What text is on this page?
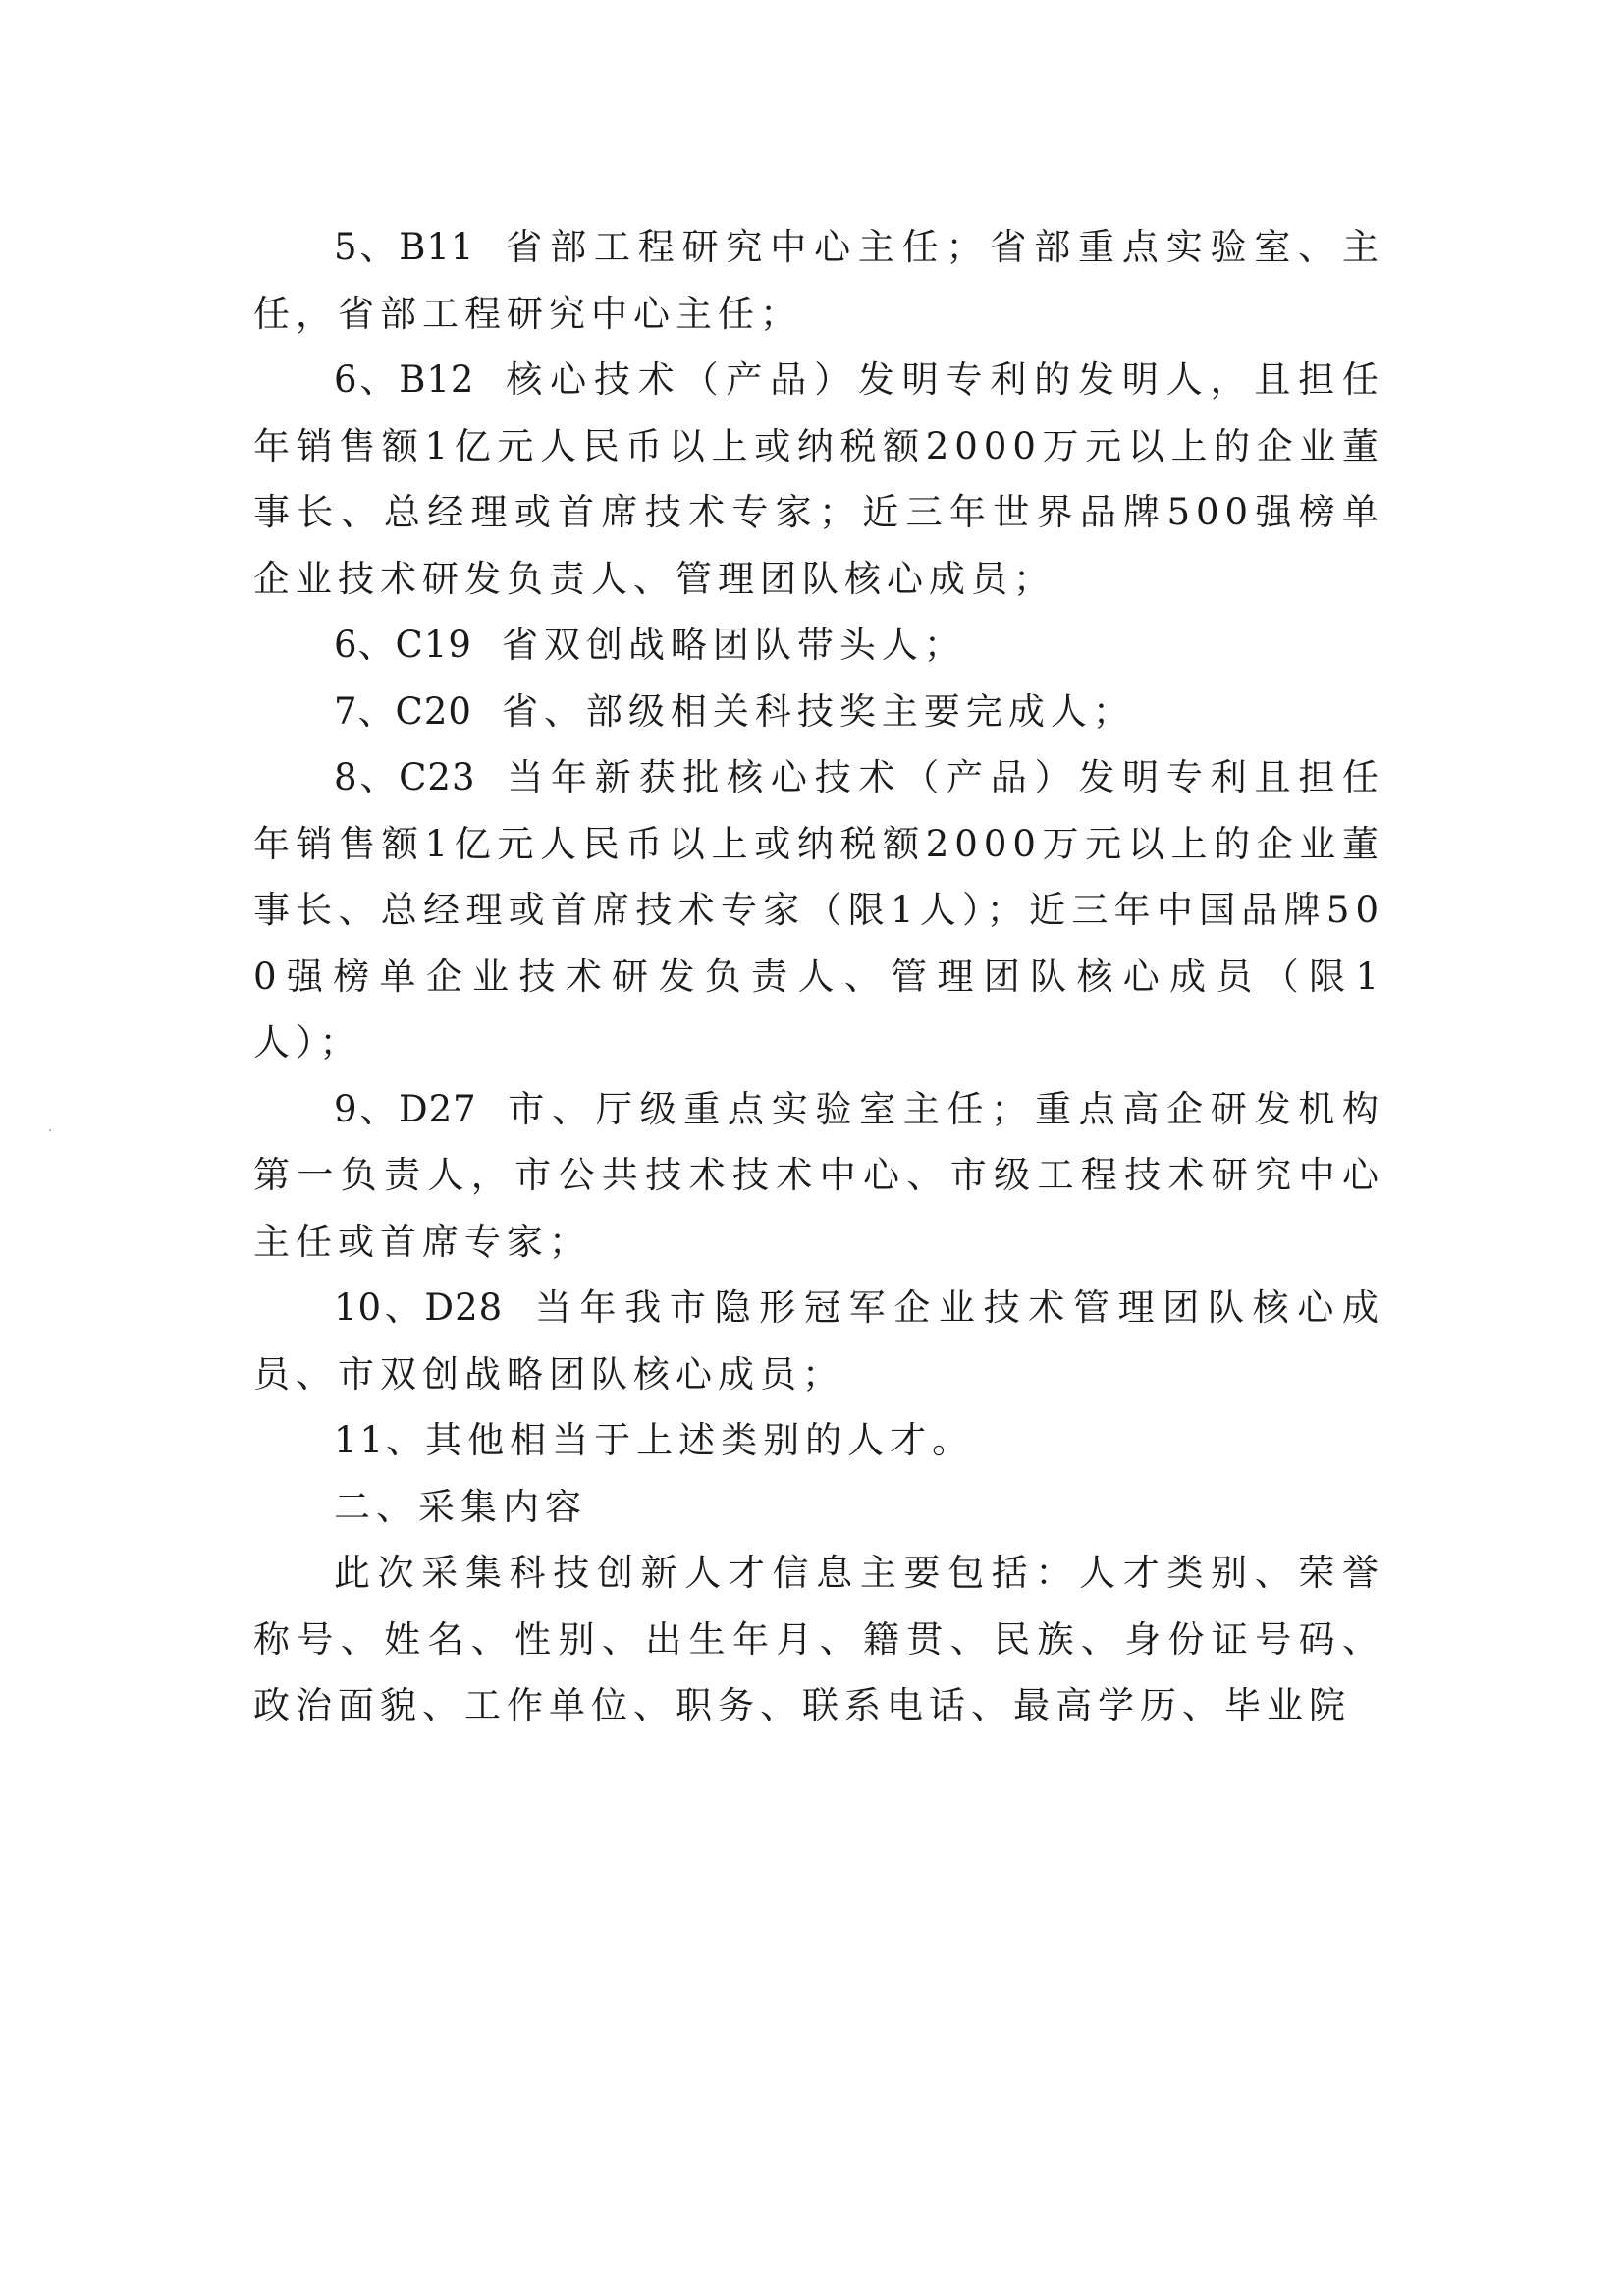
5、B11 省部工程研究中心主任；省部重点实验室、主任，省部工程研究中心主任；

6、B12 核心技术（产品）发明专利的发明人，且担任年销售额1亿元人民币以上或纳税额2000万元以上的企业董事长、总经理或首席技术专家；近三年世界品牌500强榜单企业技术研发负责人、管理团队核心成员；

6、C19 省双创战略团队带头人；

7、C20 省、部级相关科技奖主要完成人；

8、C23 当年新获批核心技术（产品）发明专利且担任年销售额1亿元人民币以上或纳税额2000万元以上的企业董事长、总经理或首席技术专家（限1人）；近三年中国品牌500强榜单企业技术研发负责人、管理团队核心成员（限1人）；

9、D27 市、厅级重点实验室主任；重点高企研发机构第一负责人，市公共技术技术中心、市级工程技术研究中心主任或首席专家；

10、D28 当年我市隐形冠军企业技术管理团队核心成员、市双创战略团队核心成员；

11、其他相当于上述类别的人才。

二、采集内容

此次采集科技创新人才信息主要包括：人才类别、荣誉称号、姓名、性别、出生年月、籍贯、民族、身份证号码、政治面貌、工作单位、职务、联系电话、最高学历、毕业院
